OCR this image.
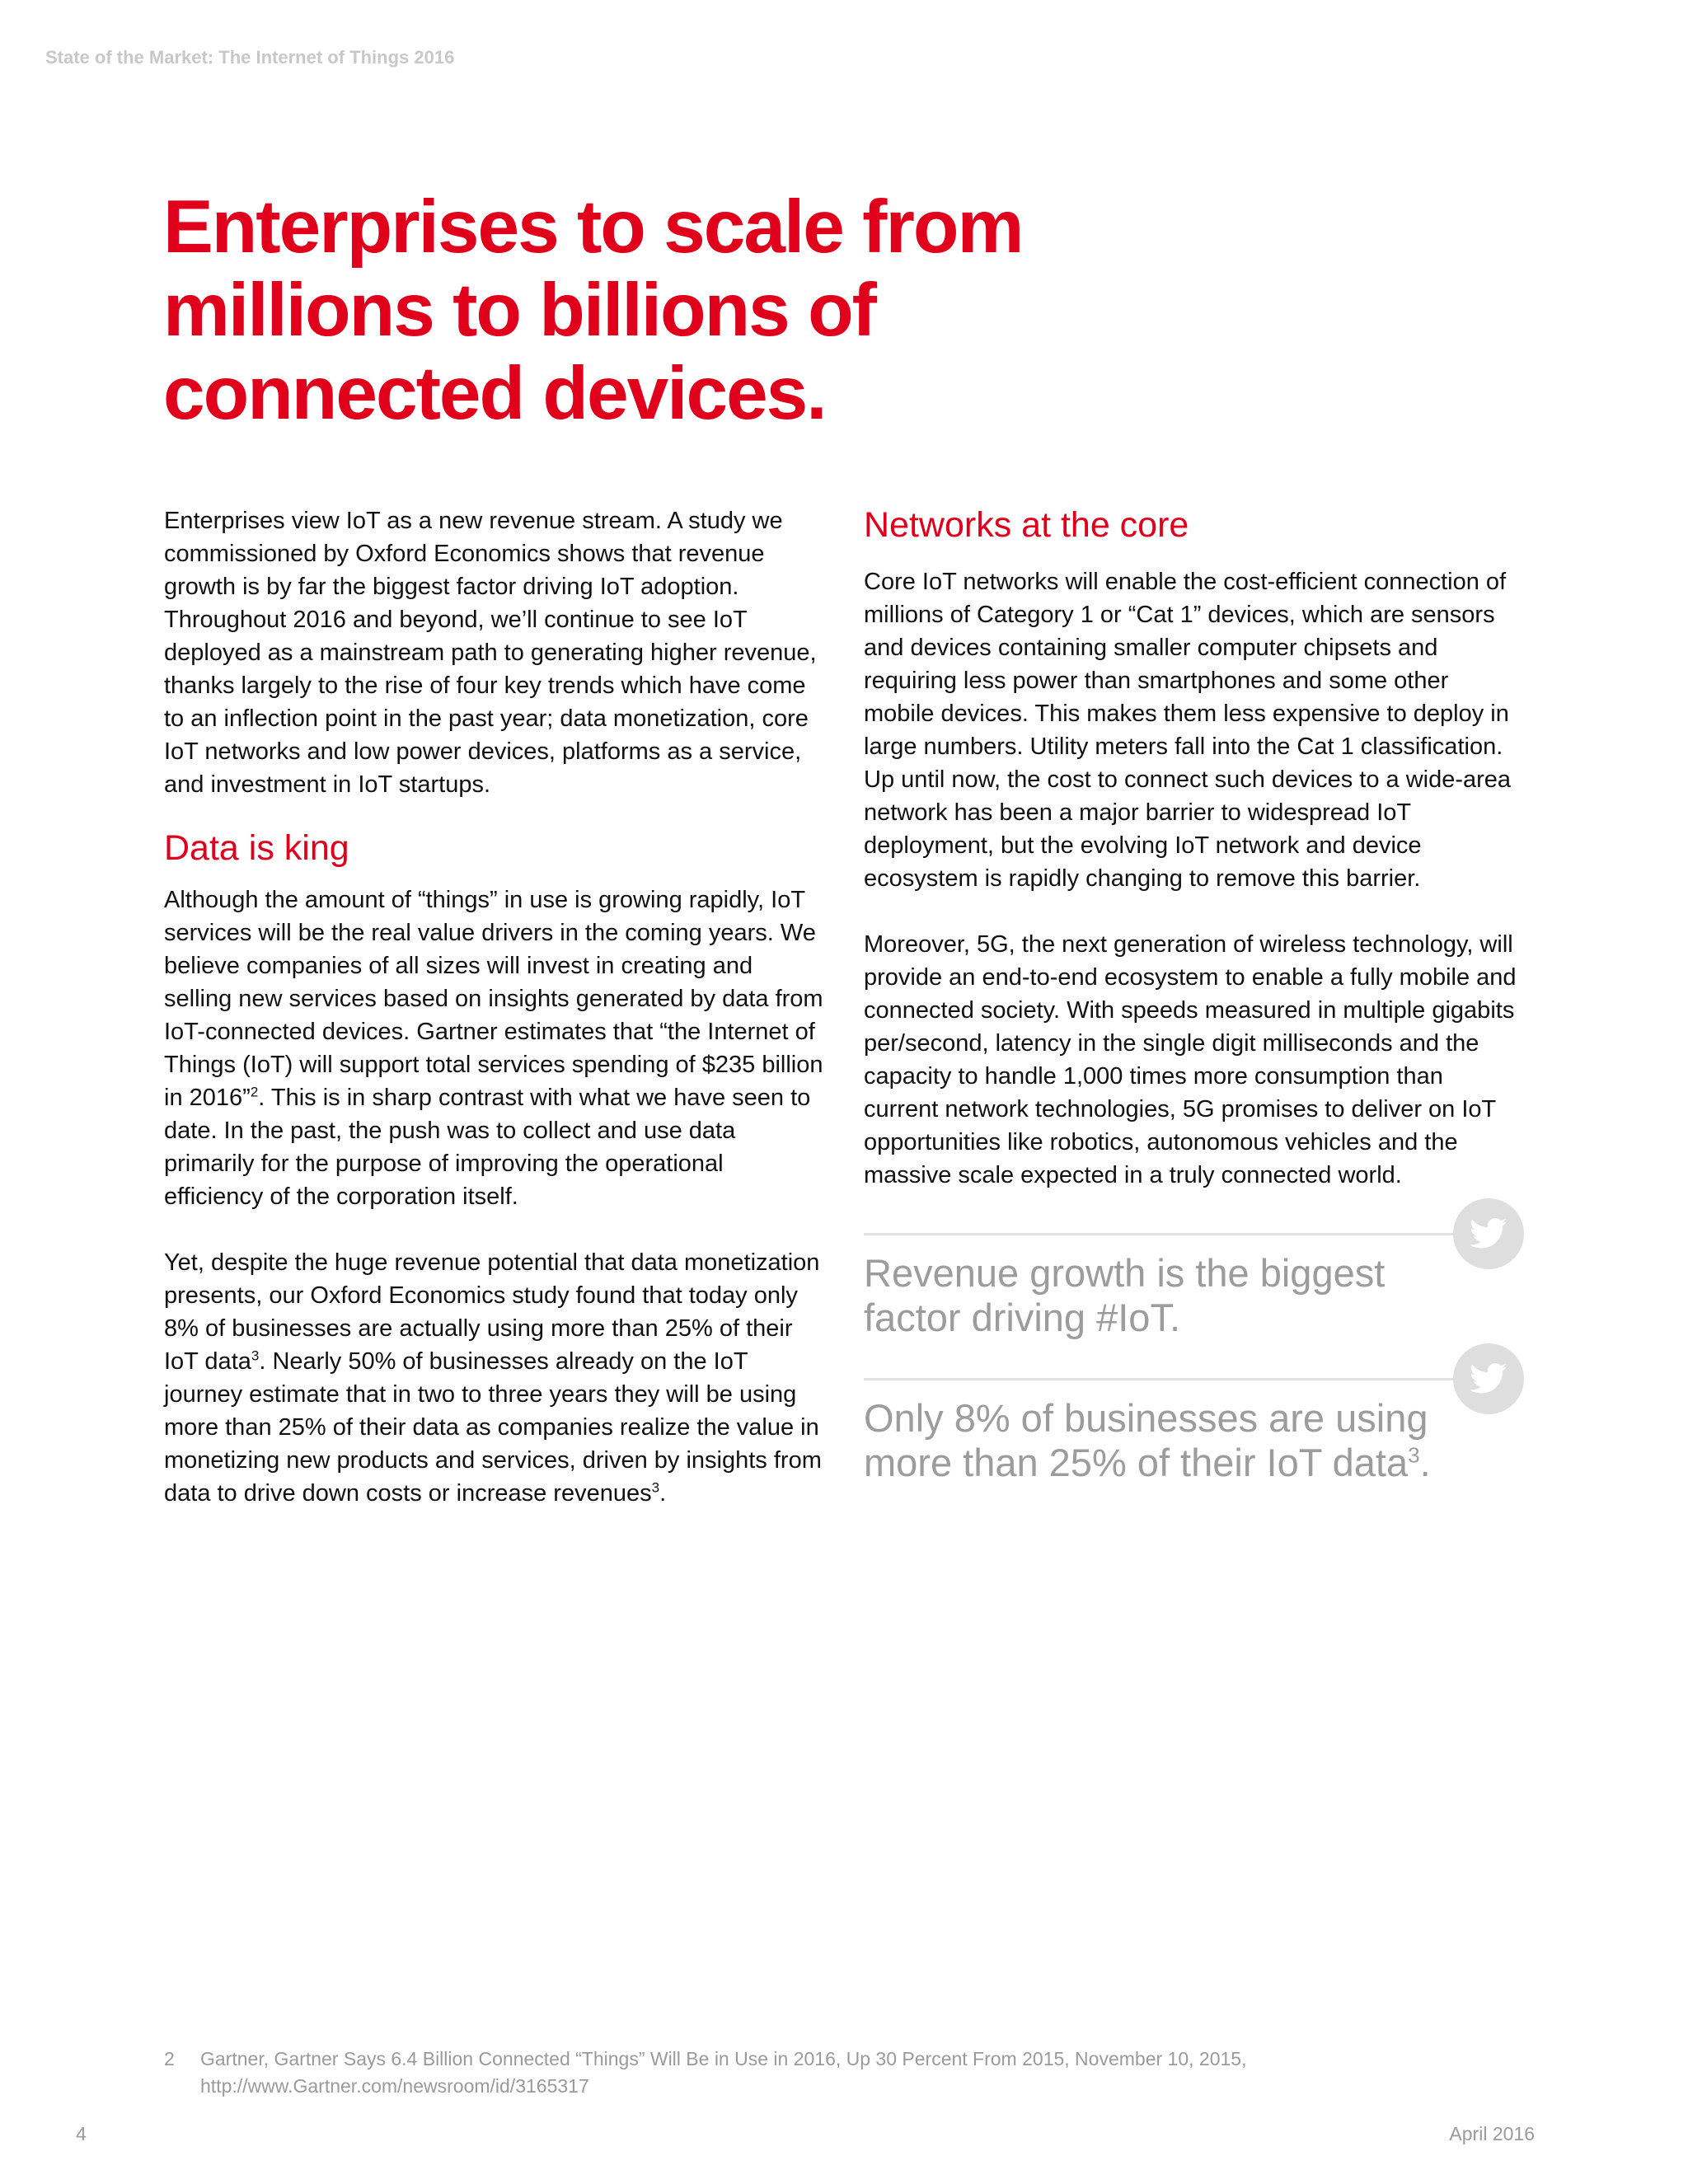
State of the Market: The Internet of Things 2016
Enterprises to scale from
millions to billions of
connected devices.

Enterprises view IoT as a new revenue stream. A study we commissioned by Oxford Economics shows that revenue growth is by far the biggest factor driving IoT adoption. Throughout 2016 and beyond, we’ll continue to see IoT deployed as a mainstream path to generating higher revenue, thanks largely to the rise of four key trends which have come to an inflection point in the past year; data monetization, core IoT networks and low power devices, platforms as a service, and investment in IoT startups.

Data is king

Although the amount of “things” in use is growing rapidly, IoT services will be the real value drivers in the coming years. We believe companies of all sizes will invest in creating and selling new services based on insights generated by data from IoT-connected devices. Gartner estimates that “the Internet of Things (IoT) will support total services spending of $235 billion in 2016”$^2$. This is in sharp contrast with what we have seen to date. In the past, the push was to collect and use data primarily for the purpose of improving the operational efficiency of the corporation itself.

Yet, despite the huge revenue potential that data monetization presents, our Oxford Economics study found that today only 8% of businesses are actually using more than 25% of their IoT data$^3$. Nearly 50% of businesses already on the IoT journey estimate that in two to three years they will be using more than 25% of their data as companies realize the value in monetizing new products and services, driven by insights from data to drive down costs or increase revenues$^3$.

Networks at the core

Core IoT networks will enable the cost-efficient connection of millions of Category 1 or “Cat 1” devices, which are sensors and devices containing smaller computer chipsets and requiring less power than smartphones and some other mobile devices. This makes them less expensive to deploy in large numbers. Utility meters fall into the Cat 1 classification. Up until now, the cost to connect such devices to a wide-area network has been a major barrier to widespread IoT deployment, but the evolving IoT network and device ecosystem is rapidly changing to remove this barrier.

Moreover, 5G, the next generation of wireless technology, will provide an end-to-end ecosystem to enable a fully mobile and connected society. With speeds measured in multiple gigabits per/second, latency in the single digit milliseconds and the capacity to handle 1,000 times more consumption than current network technologies, 5G promises to deliver on IoT opportunities like robotics, autonomous vehicles and the massive scale expected in a truly connected world.

Revenue growth is the biggest factor driving #IoT.

Only 8% of businesses are using more than 25% of their IoT data$^3$.

2 Gartner, Gartner Says 6.4 Billion Connected “Things” Will Be in Use in 2016, Up 30 Percent From 2015, November 10, 2015,
http://www.Gartner.com/newsroom/id/3165317
4	April 2016
